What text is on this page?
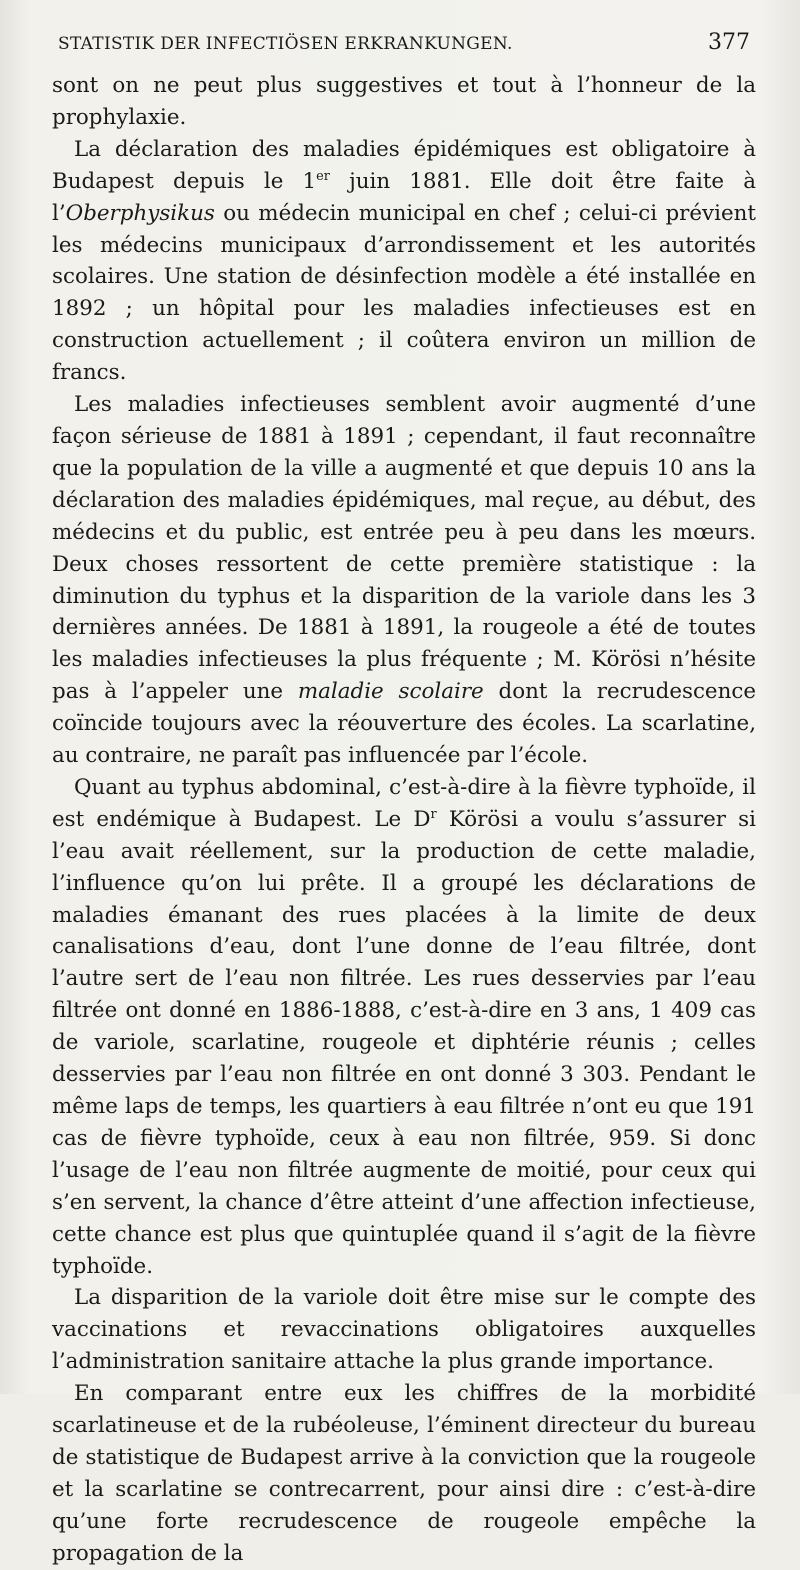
STATISTIK DER INFECTIÖSEN ERKRANKUNGEN.	377

sont on ne peut plus suggestives et tout à l’honneur de la prophylaxie.

La déclaration des maladies épidémiques est obligatoire à Budapest depuis le 1er juin 1881. Elle doit être faite à l’Oberphysikus ou médecin municipal en chef ; celui-ci prévient les médecins municipaux d’arrondissement et les autorités scolaires. Une station de désinfection modèle a été installée en 1892 ; un hôpital pour les maladies infectieuses est en construction actuellement ; il coûtera environ un million de francs.

Les maladies infectieuses semblent avoir augmenté d’une façon sérieuse de 1881 à 1891 ; cependant, il faut reconnaître que la population de la ville a augmenté et que depuis 10 ans la déclaration des maladies épidémiques, mal reçue, au début, des médecins et du public, est entrée peu à peu dans les mœurs. Deux choses ressortent de cette première statistique : la diminution du typhus et la disparition de la variole dans les 3 dernières années. De 1881 à 1891, la rougeole a été de toutes les maladies infectieuses la plus fréquente ; M. Körösi n’hésite pas à l’appeler une maladie scolaire dont la recrudescence coïncide toujours avec la réouverture des écoles. La scarlatine, au contraire, ne paraît pas influencée par l’école.

Quant au typhus abdominal, c’est-à-dire à la fièvre typhoïde, il est endémique à Budapest. Le $D^r$ Körösi a voulu s’assurer si l’eau avait réellement, sur la production de cette maladie, l’influence qu’on lui prête. Il a groupé les déclarations de maladies émanant des rues placées à la limite de deux canalisations d’eau, dont l’une donne de l’eau filtrée, dont l’autre sert de l’eau non filtrée. Les rues desservies par l’eau filtrée ont donné en 1886-1888, c’est-à-dire en 3 ans, 1 409 cas de variole, scarlatine, rougeole et diphtérie réunis ; celles desservies par l’eau non filtrée en ont donné 3 303. Pendant le même laps de temps, les quartiers à eau filtrée n’ont eu que 191 cas de fièvre typhoïde, ceux à eau non filtrée, 959. Si donc l’usage de l’eau non filtrée augmente de moitié, pour ceux qui s’en servent, la chance d’être atteint d’une affection infectieuse, cette chance est plus que quintuplée quand il s’agit de la fièvre typhoïde.

La disparition de la variole doit être mise sur le compte des vaccinations et revaccinations obligatoires auxquelles l’administration sanitaire attache la plus grande importance.

En comparant entre eux les chiffres de la morbidité scarlatineuse et de la rubéoleuse, l’éminent directeur du bureau de statistique de Budapest arrive à la conviction que la rougeole et la scarlatine se contrecarrent, pour ainsi dire : c’est-à-dire qu’une forte recrudescence de rougeole empêche la propagation de la
